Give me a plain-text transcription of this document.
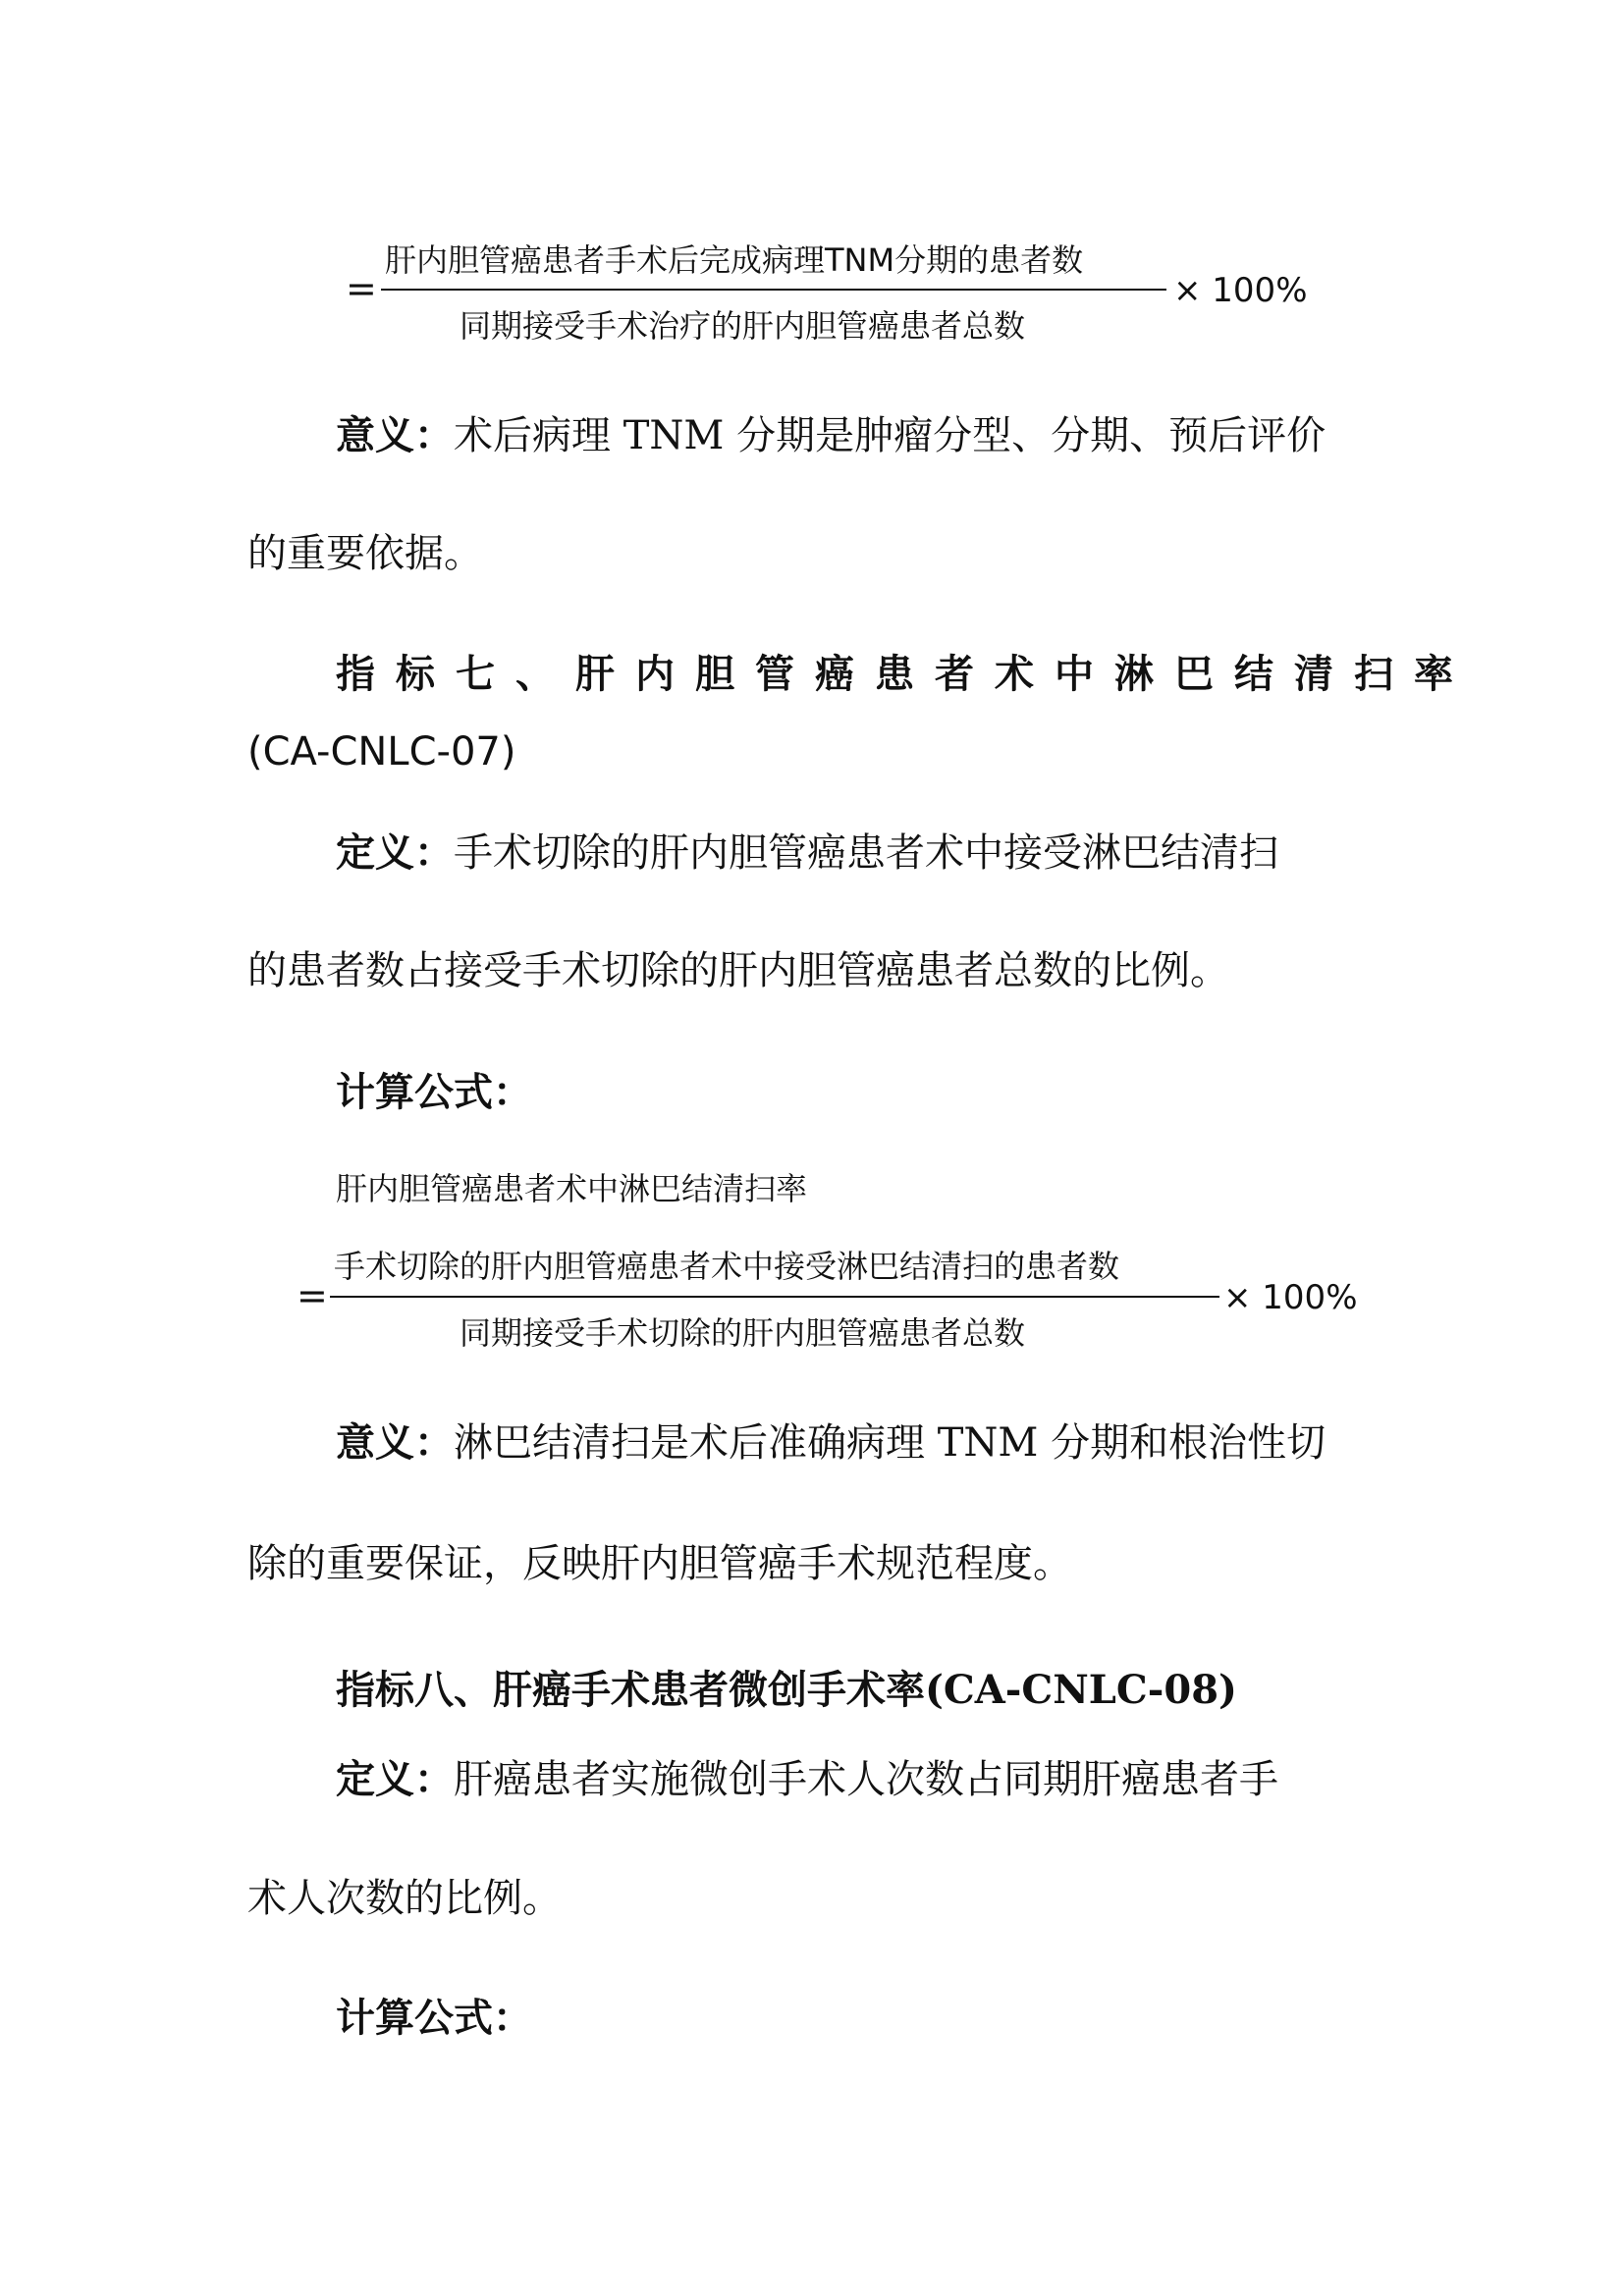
=
肝内胆管癌患者手术后完成病理TNM分期的患者数
同期接受手术治疗的肝内胆管癌患者总数
× 100%
意义：术后病理 TNM 分期是肿瘤分型、分期、预后评价
的重要依据。
指标七、肝内胆管癌患者术中淋巴结清扫率
(CA-CNLC-07)
定义：手术切除的肝内胆管癌患者术中接受淋巴结清扫
的患者数占接受手术切除的肝内胆管癌患者总数的比例。
计算公式：
肝内胆管癌患者术中淋巴结清扫率
=
手术切除的肝内胆管癌患者术中接受淋巴结清扫的患者数
同期接受手术切除的肝内胆管癌患者总数
× 100%
意义：淋巴结清扫是术后准确病理 TNM 分期和根治性切
除的重要保证，反映肝内胆管癌手术规范程度。
指标八、肝癌手术患者微创手术率(CA-CNLC-08)
定义：肝癌患者实施微创手术人次数占同期肝癌患者手
术人次数的比例。
计算公式：
